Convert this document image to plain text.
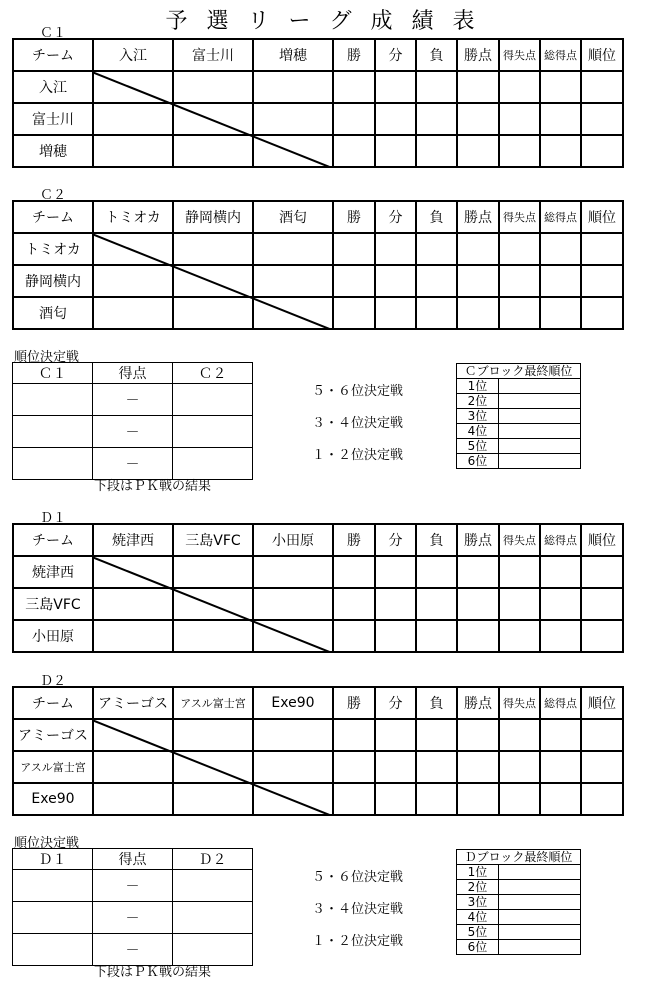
予 選 リ ー グ 成 績 表
Ｃ１
チーム	入江	富士川	増穂	勝	分	負	勝点	得失点	総得点	順位
入江										
富士川										
増穂										
Ｃ２
チーム	トミオカ	静岡横内	酒匂	勝	分	負	勝点	得失点	総得点	順位
トミオカ										
静岡横内										
酒匂										
順位決定戦
Ｃ１	得点	Ｃ２
	－	
	－	
	－	
下段はＰＫ戦の結果
５・６位決定戦
３・４位決定戦
１・２位決定戦
Ｃブロック最終順位	
1位	
2位	
3位	
4位	
5位	
6位	
Ｄ１
チーム	焼津西	三島VFC	小田原	勝	分	負	勝点	得失点	総得点	順位
焼津西										
三島VFC										
小田原										
Ｄ２
チーム	アミーゴス	アスル富士宮	Exe90	勝	分	負	勝点	得失点	総得点	順位
アミーゴス										
アスル富士宮										
Exe90										
順位決定戦
Ｄ１	得点	Ｄ２
	－	
	－	
	－	
下段はＰＫ戦の結果
５・６位決定戦
３・４位決定戦
１・２位決定戦
Ｄブロック最終順位	
1位	
2位	
3位	
4位	
5位	
6位	
